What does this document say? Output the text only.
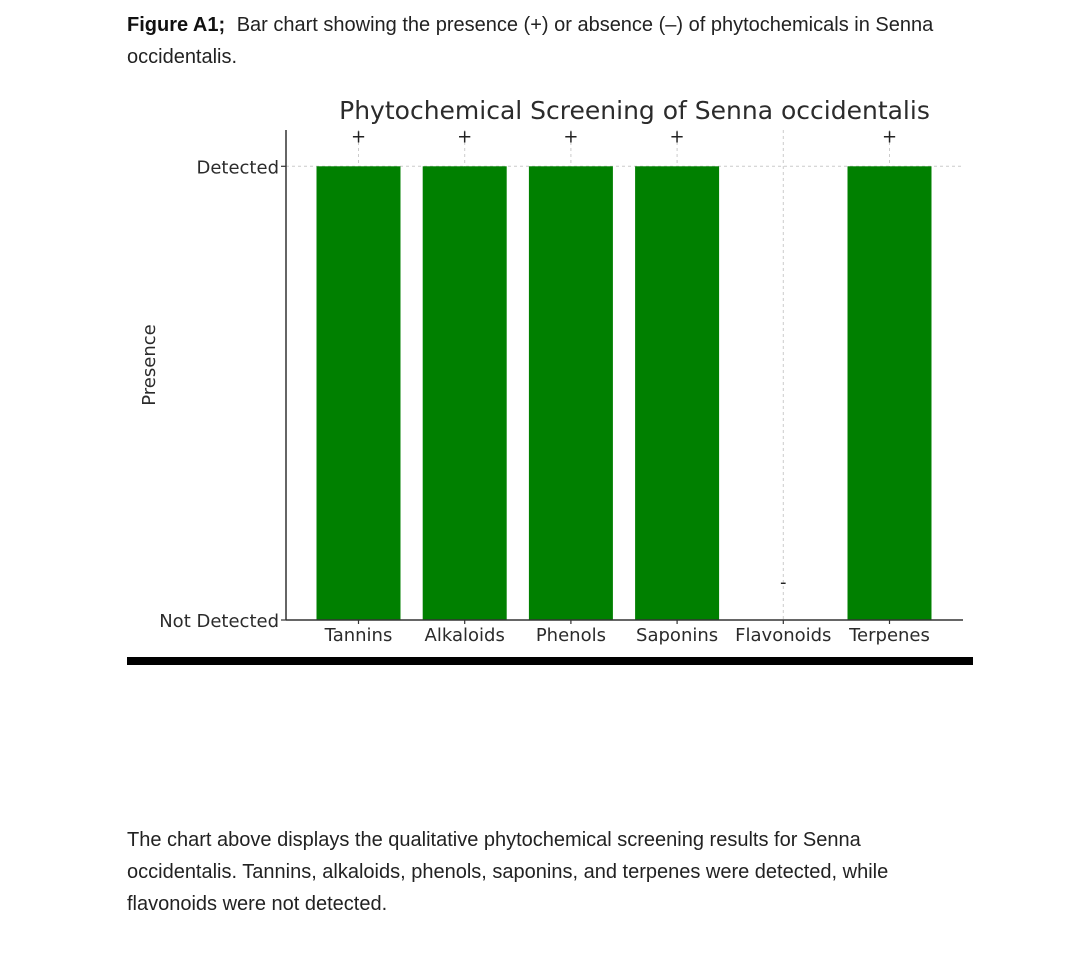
Figure A1; Bar chart showing the presence (+) or absence (–) of phytochemicals in Senna occidentalis.
Phytochemical Screening of Senna occidentalis
+	+	+	+
-
+
Not Detected
Detected
Tannins Alkaloids Phenols Saponins Flavonoids Terpenes
Presence
The chart above displays the qualitative phytochemical screening results for Senna occidentalis. Tannins, alkaloids, phenols, saponins, and terpenes were detected, while flavonoids were not detected.
